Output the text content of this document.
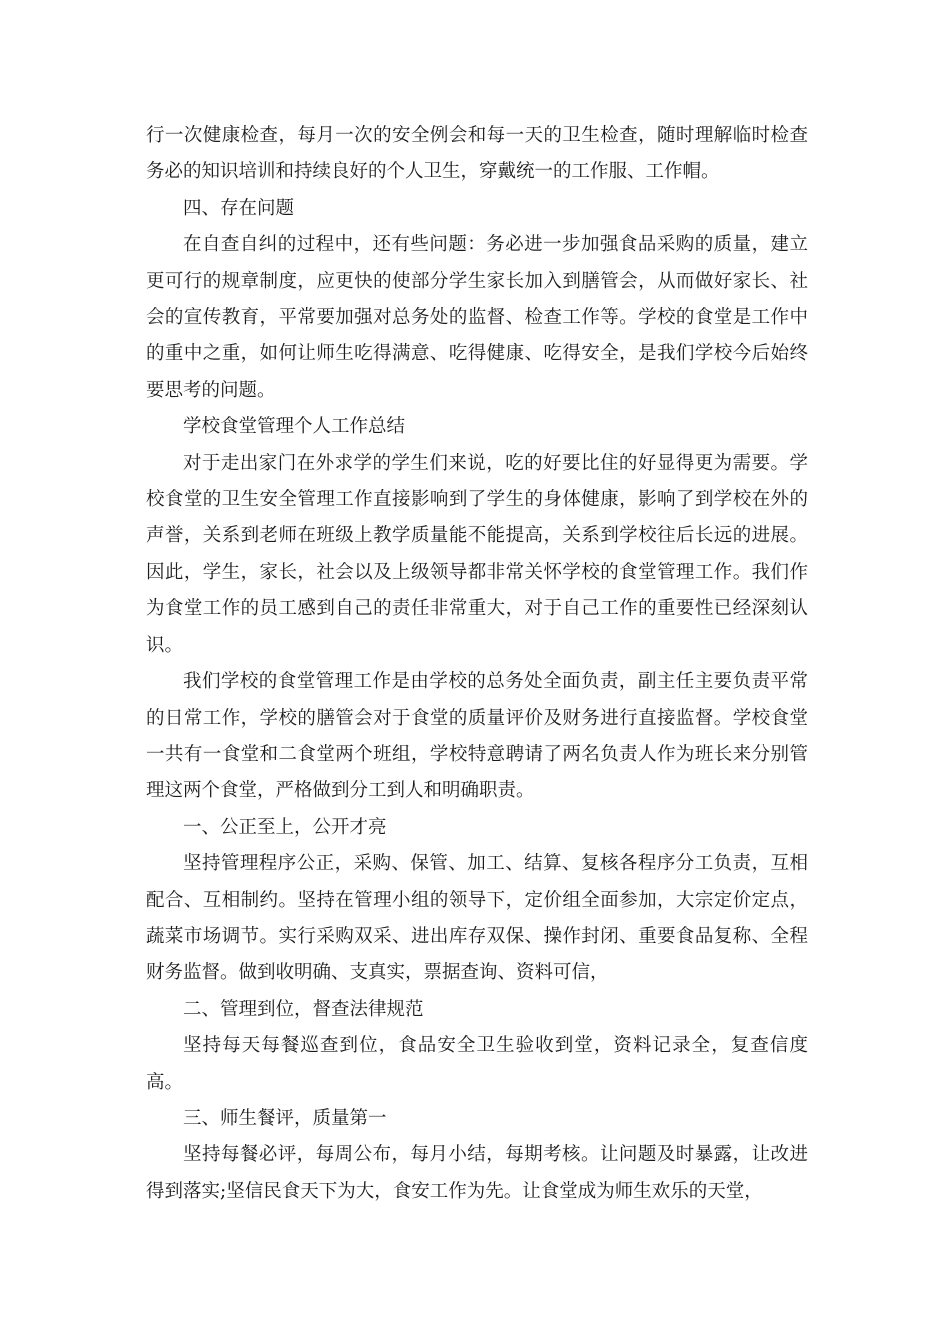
行一次健康检查，每月一次的安全例会和每一天的卫生检查，随时理解临时检查务必的知识培训和持续良好的个人卫生，穿戴统一的工作服、工作帽。

四、存在问题

在自查自纠的过程中，还有些问题：务必进一步加强食品采购的质量，建立更可行的规章制度，应更快的使部分学生家长加入到膳管会，从而做好家长、社会的宣传教育，平常要加强对总务处的监督、检查工作等。学校的食堂是工作中的重中之重，如何让师生吃得满意、吃得健康、吃得安全，是我们学校今后始终要思考的问题。

学校食堂管理个人工作总结

对于走出家门在外求学的学生们来说，吃的好要比住的好显得更为需要。学校食堂的卫生安全管理工作直接影响到了学生的身体健康，影响了到学校在外的声誉，关系到老师在班级上教学质量能不能提高，关系到学校往后长远的进展。因此，学生，家长，社会以及上级领导都非常关怀学校的食堂管理工作。我们作为食堂工作的员工感到自己的责任非常重大，对于自己工作的重要性已经深刻认识。

我们学校的食堂管理工作是由学校的总务处全面负责，副主任主要负责平常的日常工作，学校的膳管会对于食堂的质量评价及财务进行直接监督。学校食堂一共有一食堂和二食堂两个班组，学校特意聘请了两名负责人作为班长来分别管理这两个食堂，严格做到分工到人和明确职责。

一、公正至上，公开才亮

坚持管理程序公正，采购、保管、加工、结算、复核各程序分工负责，互相配合、互相制约。坚持在管理小组的领导下，定价组全面参加，大宗定价定点，蔬菜市场调节。实行采购双采、进出库存双保、操作封闭、重要食品复称、全程财务监督。做到收明确、支真实，票据查询、资料可信，

二、管理到位，督查法律规范

坚持每天每餐巡查到位，食品安全卫生验收到堂，资料记录全，复查信度高。

三、师生餐评，质量第一

坚持每餐必评，每周公布，每月小结，每期考核。让问题及时暴露，让改进得到落实;坚信民食天下为大，食安工作为先。让食堂成为师生欢乐的天堂，
